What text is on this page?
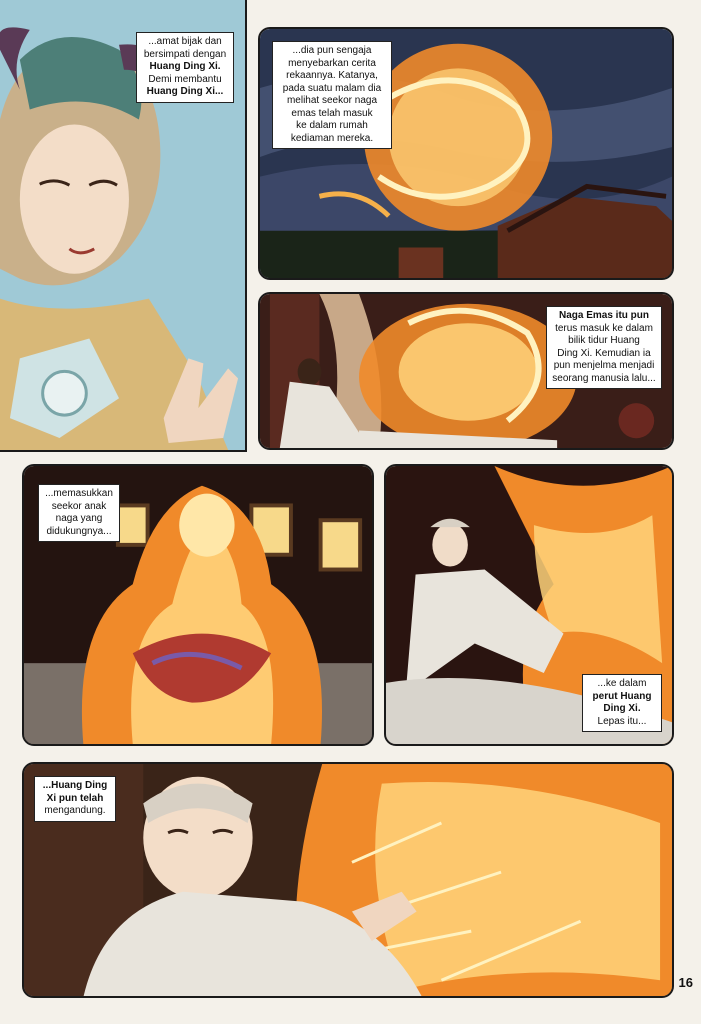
...amat bijak dan
bersimpati dengan
Huang Ding Xi.
Demi membantu
Huang Ding Xi...
...dia pun sengaja
menyebarkan cerita
rekaannya. Katanya,
pada suatu malam dia
melihat seekor naga
emas telah masuk
ke dalam rumah
kediaman mereka.
Naga Emas itu pun
terus masuk ke dalam
bilik tidur Huang
Ding Xi. Kemudian ia
pun menjelma menjadi
seorang manusia lalu...
...memasukkan
seekor anak
naga yang
didukungnya...
...ke dalam
perut Huang
Ding Xi.
Lepas itu...
...Huang Ding
Xi pun telah
mengandung.
16
